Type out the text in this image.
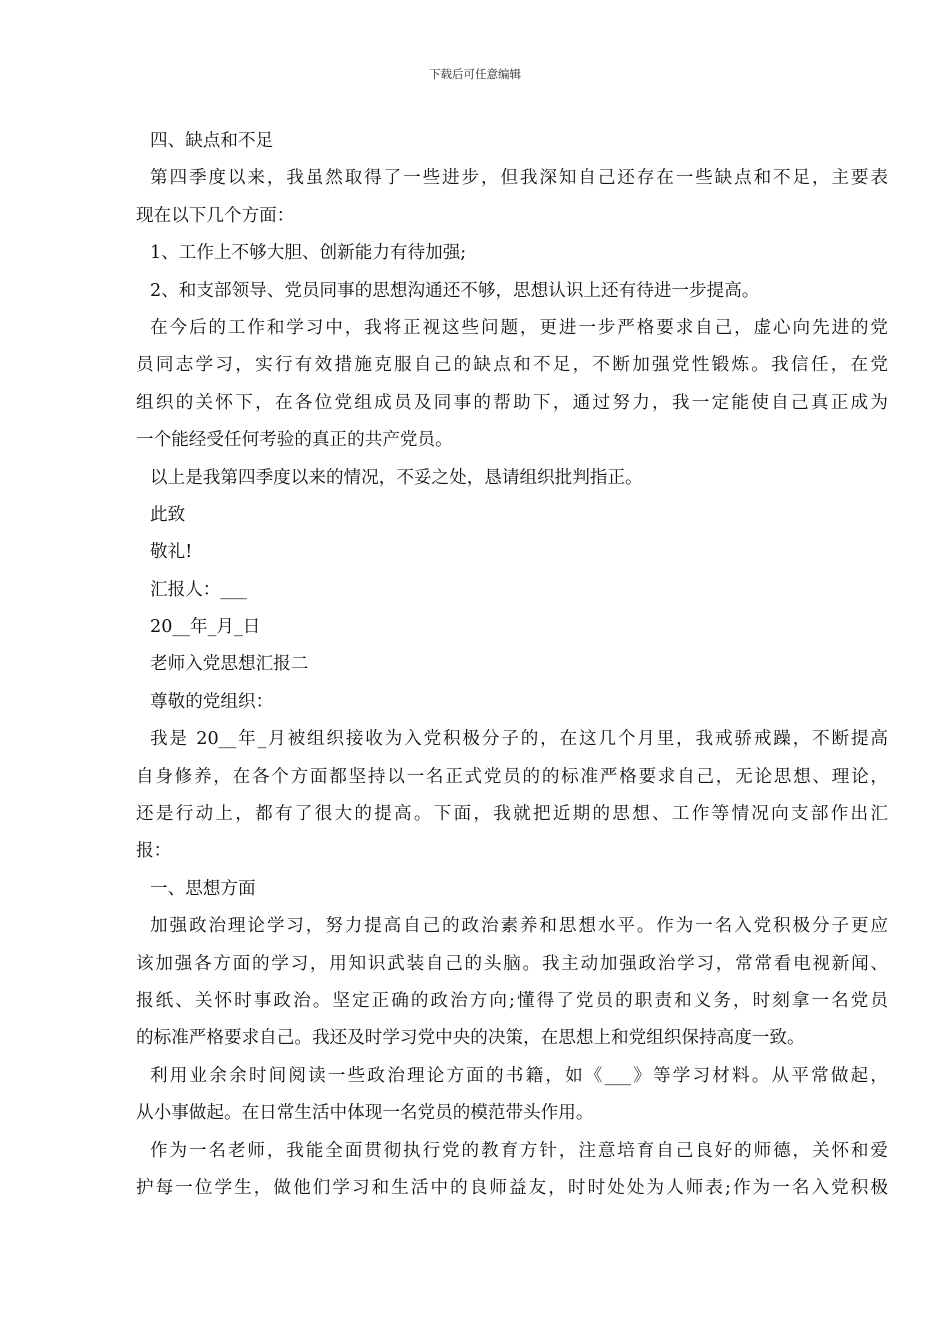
下载后可任意编辑
四、缺点和不足
第四季度以来，我虽然取得了一些进步，但我深知自己还存在一些缺点和不足，主要表
现在以下几个方面：
1、工作上不够大胆、创新能力有待加强;
2、和支部领导、党员同事的思想沟通还不够，思想认识上还有待进一步提高。
在今后的工作和学习中，我将正视这些问题，更进一步严格要求自己，虚心向先进的党
员同志学习，实行有效措施克服自己的缺点和不足，不断加强党性锻炼。我信任，在党
组织的关怀下，在各位党组成员及同事的帮助下，通过努力，我一定能使自己真正成为
一个能经受任何考验的真正的共产党员。
以上是我第四季度以来的情况，不妥之处，恳请组织批判指正。
此致
敬礼!
汇报人：___
20__年_月_日
老师入党思想汇报二
尊敬的党组织：
我是 20__年_月被组织接收为入党积极分子的，在这几个月里，我戒骄戒躁，不断提高
自身修养，在各个方面都坚持以一名正式党员的的标准严格要求自己，无论思想、理论，
还是行动上，都有了很大的提高。下面，我就把近期的思想、工作等情况向支部作出汇
报：
一、思想方面
加强政治理论学习，努力提高自己的政治素养和思想水平。作为一名入党积极分子更应
该加强各方面的学习，用知识武装自己的头脑。我主动加强政治学习，常常看电视新闻、
报纸、关怀时事政治。坚定正确的政治方向;懂得了党员的职责和义务，时刻拿一名党员
的标准严格要求自己。我还及时学习党中央的决策，在思想上和党组织保持高度一致。
利用业余余时间阅读一些政治理论方面的书籍，如《___》等学习材料。从平常做起，
从小事做起。在日常生活中体现一名党员的模范带头作用。
作为一名老师，我能全面贯彻执行党的教育方针，注意培育自己良好的师德，关怀和爱
护每一位学生，做他们学习和生活中的良师益友，时时处处为人师表;作为一名入党积极
